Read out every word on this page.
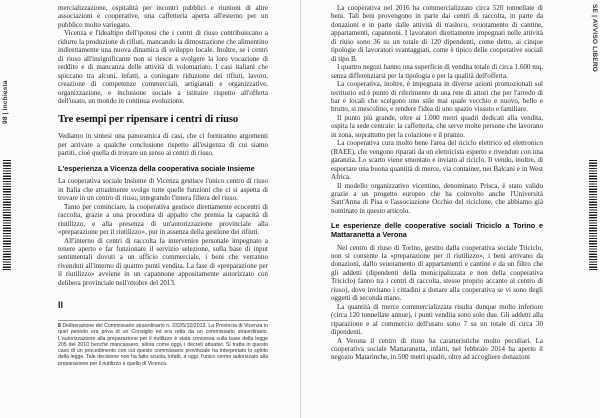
98 | Inchiesta

mercializzazione, ospitalità per incontri pubblici e riunioni di altre associazioni e cooperative, una caffetteria aperta all'esterno per un pubblico molto variegato.

Vicenza e l'idealtipo dell'ipotesi che i centri di riuso contribuiscano a ridurre la produzione di rifiuti, mancando la dimostrazione che alimentino indirettamente una nuova dinamica di sviluppo locale. Inoltre, se i centri di riuso all'insignificante non si riesce a svolgere la loro vocazione di reddito e di mancanza delle attività di volontariato. I casi italiani che spiccano tra alcuni, infatti, a coniugare riduzione dei rifiuti, lavoro, creazione di competenze commerciali, artigianali e organizzative, organizzazione, e inclusione sociale a istituire rispetto all'offerta dell'usato, un mondo in continua evoluzione.

Tre esempi per ripensare i centri di riuso

Vediamo in sintesi una panoramica di casi, che ci forniranno argomenti per arrivare a qualche conclusione rispetto all'esigenza di cui siamo partiti, cioè quella di trovare un senso ai centri di riuso.

L'esperienza a Vicenza della cooperativa sociale Insieme

La cooperativa sociale Insieme di Vicenza gestisce l'unico centro di riuso in Italia che attualmente svolge tutte quelle funzioni che ci si aspetta di trovare in un centro di riuso, integrando l'intera filiera del riuso.

Tanto per cominciare, la cooperativa gestisce direttamente ecocentri di raccolta, grazie a una procedura di appalto che premia la capacità di riutilizzo, e alla presenza di un'autorizzazione provinciale alla «preparazione per il riutilizzo», pur in assenza della gestione dei rifiuti.

All'interno di centri di raccolta fa intervenire personale impegnato a tenere aperto e far funzionare il servizio selezione, sulla base di input sentimentali dovuti a un ufficio commerciale, i beni che verranno rivenduti all'interno di quattro punti vendita. La fase di «preparazione per il riutilizzo» avviene in un capannone appositamente autorizzato con delibera provinciale nell'ottobre del 2013.

II
8 Deliberazione del Commissario straordinario n. 232/5/10/2013. La Provincia di Vicenza in quel periodo era priva di un Consiglio ed era retta da un commissario straordinario. L'autorizzazione alla preparazione per il riutilizzo è stata concessa sulla base della legge 205 del 2010 benché mancassero, allora come oggi, i decreti attuativi. Si tratta in questo caso di un procedimento con cui questo commissario provinciale ha interpretato lo spirito della legge. Tale decisione non ha fatto scuola, infatti, a oggi, l'unico centro autorizzato alla preparazione per il riutilizzo è quello di Vicenza.
SE | AVVISO LIBERO

La cooperativa nel 2016 ha commercializzato circa 520 tonnellate di beni. Tali beni provengono in parte dai centri di raccolta, in parte da donazioni e in parte dalle attività di trasloco, svuotamento di cantine, appartamenti, capannoni. I lavoratori direttamente impegnati nelle attività di riuso sono 36 su un totale di 120 dipendenti, come detto, ai cinque tipologie di lavoratori svantaggiati, come è tipico delle cooperative sociali di tipo B.

I quattro negozi hanno una superficie di vendita totale di circa 1.600 mq, senza differenziarsi per la tipologia e per la qualità dell'offerta.

La cooperativa, inoltre, è impegnata in diverse azioni promozionali sul territorio ed è punto di riferimento di una rete di attori che per l'arredo di bar e locali che scelgono uno stile mai quale vecchio e nuovo, bello e brutto, si mescolino, e rendere l'idea di uno spazio vissuto e familiare.

Il punto più grande, oltre ai 1.000 metri quadri dedicati alla vendita, ospita la sede centrale: la caffetteria, che serve molte persone che lavorano in zona, soprattutto per la colazione e il pranzo.

La cooperativa cura molto bene l'area del riciclo elettrico ed elettronico (RAEE), che vengono riparati da un elettricista esperto e rivenduti con una garanzia. Lo scarto viene smontato e inviato al riciclo. Il vendo, inoltre, di esportare una buona quantità di merce, via container, nei Balcani e in West Africa.

Il modello organizzativo vicentino, denominato Prisca, è stato valido grazie a un progetto europeo che ha coinvolto anche l'Università Sant'Anna di Pisa e l'associazione Occhio del riciclone, che abbiamo già nominato in questo articolo.

Le esperienze delle cooperative sociali Triciclo a Torino e Mattaranetta a Verona

Nel centro di riuso di Torino, gestito dalla cooperativa sociale Triciclo, non si consente la «preparazione per il riutilizzo», i beni arrivano da donazioni, dallo svuotamento di appartamenti e cantine e da un filtro che gli addetti (dipendenti della municipalizzata e non della cooperativa Triciclo) fanno tra i centri di raccolta, stesso proprio accanto al centro di riuso), dove invitano i cittadini a donare alla cooperativa se vi sono degli oggetti di seconda mano.

La quantità di merce commercializzata risulta dunque molto inferiore (circa 120 tonnellate annue), i punti vendita sono solo due. Gli addetti alla riparazione e al commercio dell'usato sono 7 su un totale di circa 30 dipendenti.

A Verona il centro di riuso ha caratteristiche molto peculiari. La cooperativa sociale Mattaranetta, infatti, nel febbraio 2014 ha aperto il negozio Matarinche, in 500 metri quadri, oltre ad accogliere donazioni
